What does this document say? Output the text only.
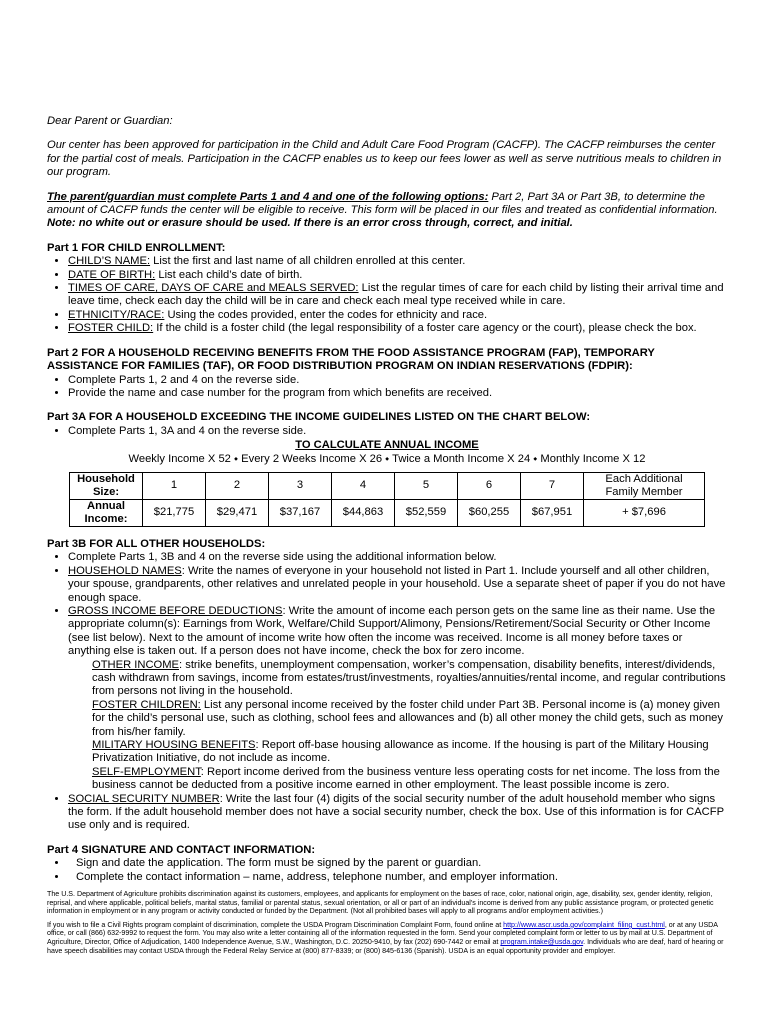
Dear Parent or Guardian:

Our center has been approved for participation in the Child and Adult Care Food Program (CACFP). The CACFP reimburses the center for the partial cost of meals. Participation in the CACFP enables us to keep our fees lower as well as serve nutritious meals to children in our program.

The parent/guardian must complete Parts 1 and 4 and one of the following options: Part 2, Part 3A or Part 3B, to determine the amount of CACFP funds the center will be eligible to receive. This form will be placed in our files and treated as confidential information. Note: no white out or erasure should be used. If there is an error cross through, correct, and initial.

Part 1 FOR CHILD ENROLLMENT:

• CHILD’S NAME: List the first and last name of all children enrolled at this center.
• DATE OF BIRTH: List each child’s date of birth.
• TIMES OF CARE, DAYS OF CARE and MEALS SERVED: List the regular times of care for each child by listing their arrival time and leave time, check each day the child will be in care and check each meal type received while in care.
• ETHNICITY/RACE: Using the codes provided, enter the codes for ethnicity and race.
• FOSTER CHILD: If the child is a foster child (the legal responsibility of a foster care agency or the court), please check the box.

Part 2 FOR A HOUSEHOLD RECEIVING BENEFITS FROM THE FOOD ASSISTANCE PROGRAM (FAP), TEMPORARY ASSISTANCE FOR FAMILIES (TAF), OR FOOD DISTRIBUTION PROGRAM ON INDIAN RESERVATIONS (FDPIR):

• Complete Parts 1, 2 and 4 on the reverse side.
• Provide the name and case number for the program from which benefits are received.

Part 3A FOR A HOUSEHOLD EXCEEDING THE INCOME GUIDELINES LISTED ON THE CHART BELOW:

• Complete Parts 1, 3A and 4 on the reverse side.

TO CALCULATE ANNUAL INCOME

Weekly Income X 52 ⬩ Every 2 Weeks Income X 26 ⬩ Twice a Month Income X 24 ⬩ Monthly Income X 12

Household Size:	1	2	3	4	5	6	7	Each Additional Family Member
Annual Income:	$21,775	$29,471	$37,167	$44,863	$52,559	$60,255	$67,951	+ $7,696

Part 3B FOR ALL OTHER HOUSEHOLDS:

• Complete Parts 1, 3B and 4 on the reverse side using the additional information below.
• HOUSEHOLD NAMES: Write the names of everyone in your household not listed in Part 1. Include yourself and all other children, your spouse, grandparents, other relatives and unrelated people in your household. Use a separate sheet of paper if you do not have enough space.
• GROSS INCOME BEFORE DEDUCTIONS: Write the amount of income each person gets on the same line as their name. Use the appropriate column(s): Earnings from Work, Welfare/Child Support/Alimony, Pensions/Retirement/Social Security or Other Income (see list below). Next to the amount of income write how often the income was received. Income is all money before taxes or anything else is taken out. If a person does not have income, check the box for zero income.

OTHER INCOME: strike benefits, unemployment compensation, worker’s compensation, disability benefits, interest/dividends, cash withdrawn from savings, income from estates/trust/investments, royalties/annuities/rental income, and regular contributions from persons not living in the household.

FOSTER CHILDREN: List any personal income received by the foster child under Part 3B. Personal income is (a) money given for the child’s personal use, such as clothing, school fees and allowances and (b) all other money the child gets, such as money from his/her family.

MILITARY HOUSING BENEFITS: Report off-base housing allowance as income. If the housing is part of the Military Housing Privatization Initiative, do not include as income.

SELF-EMPLOYMENT: Report income derived from the business venture less operating costs for net income. The loss from the business cannot be deducted from a positive income earned in other employment. The least possible income is zero.

• SOCIAL SECURITY NUMBER: Write the last four (4) digits of the social security number of the adult household member who signs the form. If the adult household member does not have a social security number, check the box. Use of this information is for CACFP use only and is required.

Part 4 SIGNATURE AND CONTACT INFORMATION:

• Sign and date the application. The form must be signed by the parent or guardian.
• Complete the contact information – name, address, telephone number, and employer information.

The U.S. Department of Agriculture prohibits discrimination against its customers, employees, and applicants for employment on the bases of race, color, national origin, age, disability, sex, gender identity, religion, reprisal, and where applicable, political beliefs, marital status, familial or parental status, sexual orientation, or all or part of an individual's income is derived from any public assistance program, or protected genetic information in employment or in any program or activity conducted or funded by the Department. (Not all prohibited bases will apply to all programs and/or employment activities.)

If you wish to file a Civil Rights program complaint of discrimination, complete the USDA Program Discrimination Complaint Form, found online at http://www.ascr.usda.gov/complaint_filing_cust.html, or at any USDA office, or call (866) 632-9992 to request the form. You may also write a letter containing all of the information requested in the form. Send your completed complaint form or letter to us by mail at U.S. Department of Agriculture, Director, Office of Adjudication, 1400 Independence Avenue, S.W., Washington, D.C. 20250-9410, by fax (202) 690-7442 or email at program.intake@usda.gov. Individuals who are deaf, hard of hearing or have speech disabilities may contact USDA through the Federal Relay Service at (800) 877-8339; or (800) 845-6136 (Spanish). USDA is an equal opportunity provider and employer.
